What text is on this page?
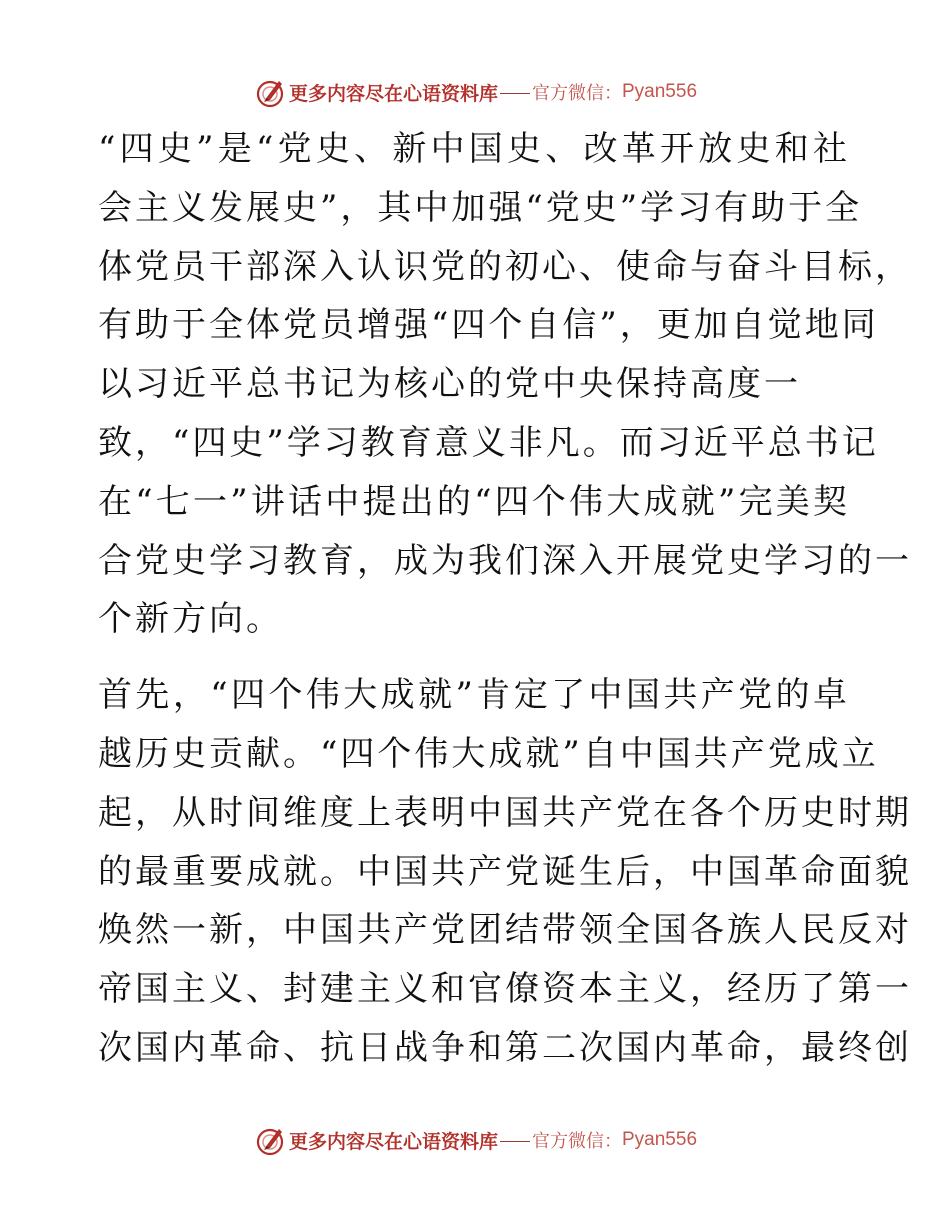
更多内容尽在心语资料库 官方微信： Pyan556

“四史”是“党史、新中国史、改革开放史和社
会主义发展史”，其中加强“党史”学习有助于全
体党员干部深入认识党的初心、使命与奋斗目标，
有助于全体党员增强“四个自信”，更加自觉地同
以习近平总书记为核心的党中央保持高度一
致，“四史”学习教育意义非凡。而习近平总书记
在“七一”讲话中提出的“四个伟大成就”完美契
合党史学习教育，成为我们深入开展党史学习的一
个新方向。

首先，“四个伟大成就”肯定了中国共产党的卓
越历史贡献。“四个伟大成就”自中国共产党成立
起，从时间维度上表明中国共产党在各个历史时期
的最重要成就。中国共产党诞生后，中国革命面貌
焕然一新，中国共产党团结带领全国各族人民反对
帝国主义、封建主义和官僚资本主义，经历了第一
次国内革命、抗日战争和第二次国内革命，最终创

更多内容尽在心语资料库 官方微信： Pyan556
